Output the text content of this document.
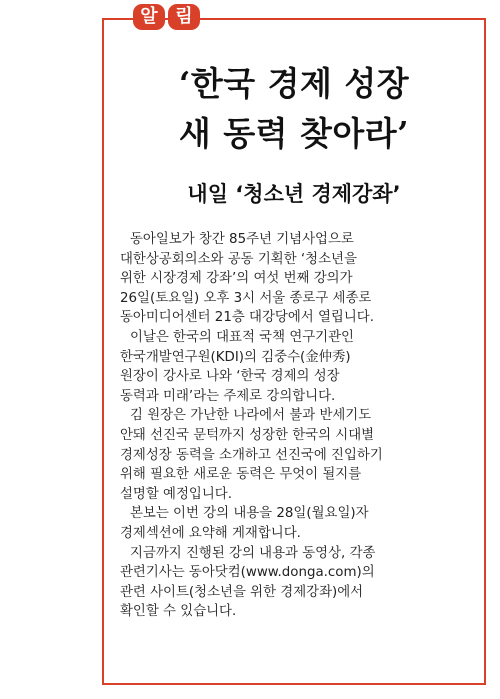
알 림
‘한국 경제 성장
새 동력 찾아라’
내일 ‘청소년 경제강좌’
동아일보가 창간 85주년 기념사업으로
대한상공회의소와 공동 기획한 ‘청소년을
위한 시장경제 강좌’의 여섯 번째 강의가
26일(토요일) 오후 3시 서울 종로구 세종로
동아미디어센터 21층 대강당에서 열립니다.
이날은 한국의 대표적 국책 연구기관인
한국개발연구원(KDI)의 김중수(金仲秀)
원장이 강사로 나와 ‘한국 경제의 성장
동력과 미래’라는 주제로 강의합니다.
김 원장은 가난한 나라에서 불과 반세기도
안돼 선진국 문턱까지 성장한 한국의 시대별
경제성장 동력을 소개하고 선진국에 진입하기
위해 필요한 새로운 동력은 무엇이 될지를
설명할 예정입니다.
본보는 이번 강의 내용을 28일(월요일)자
경제섹션에 요약해 게재합니다.
지금까지 진행된 강의 내용과 동영상, 각종
관련기사는 동아닷컴(www.donga.com)의
관련 사이트(청소년을 위한 경제강좌)에서
확인할 수 있습니다.
